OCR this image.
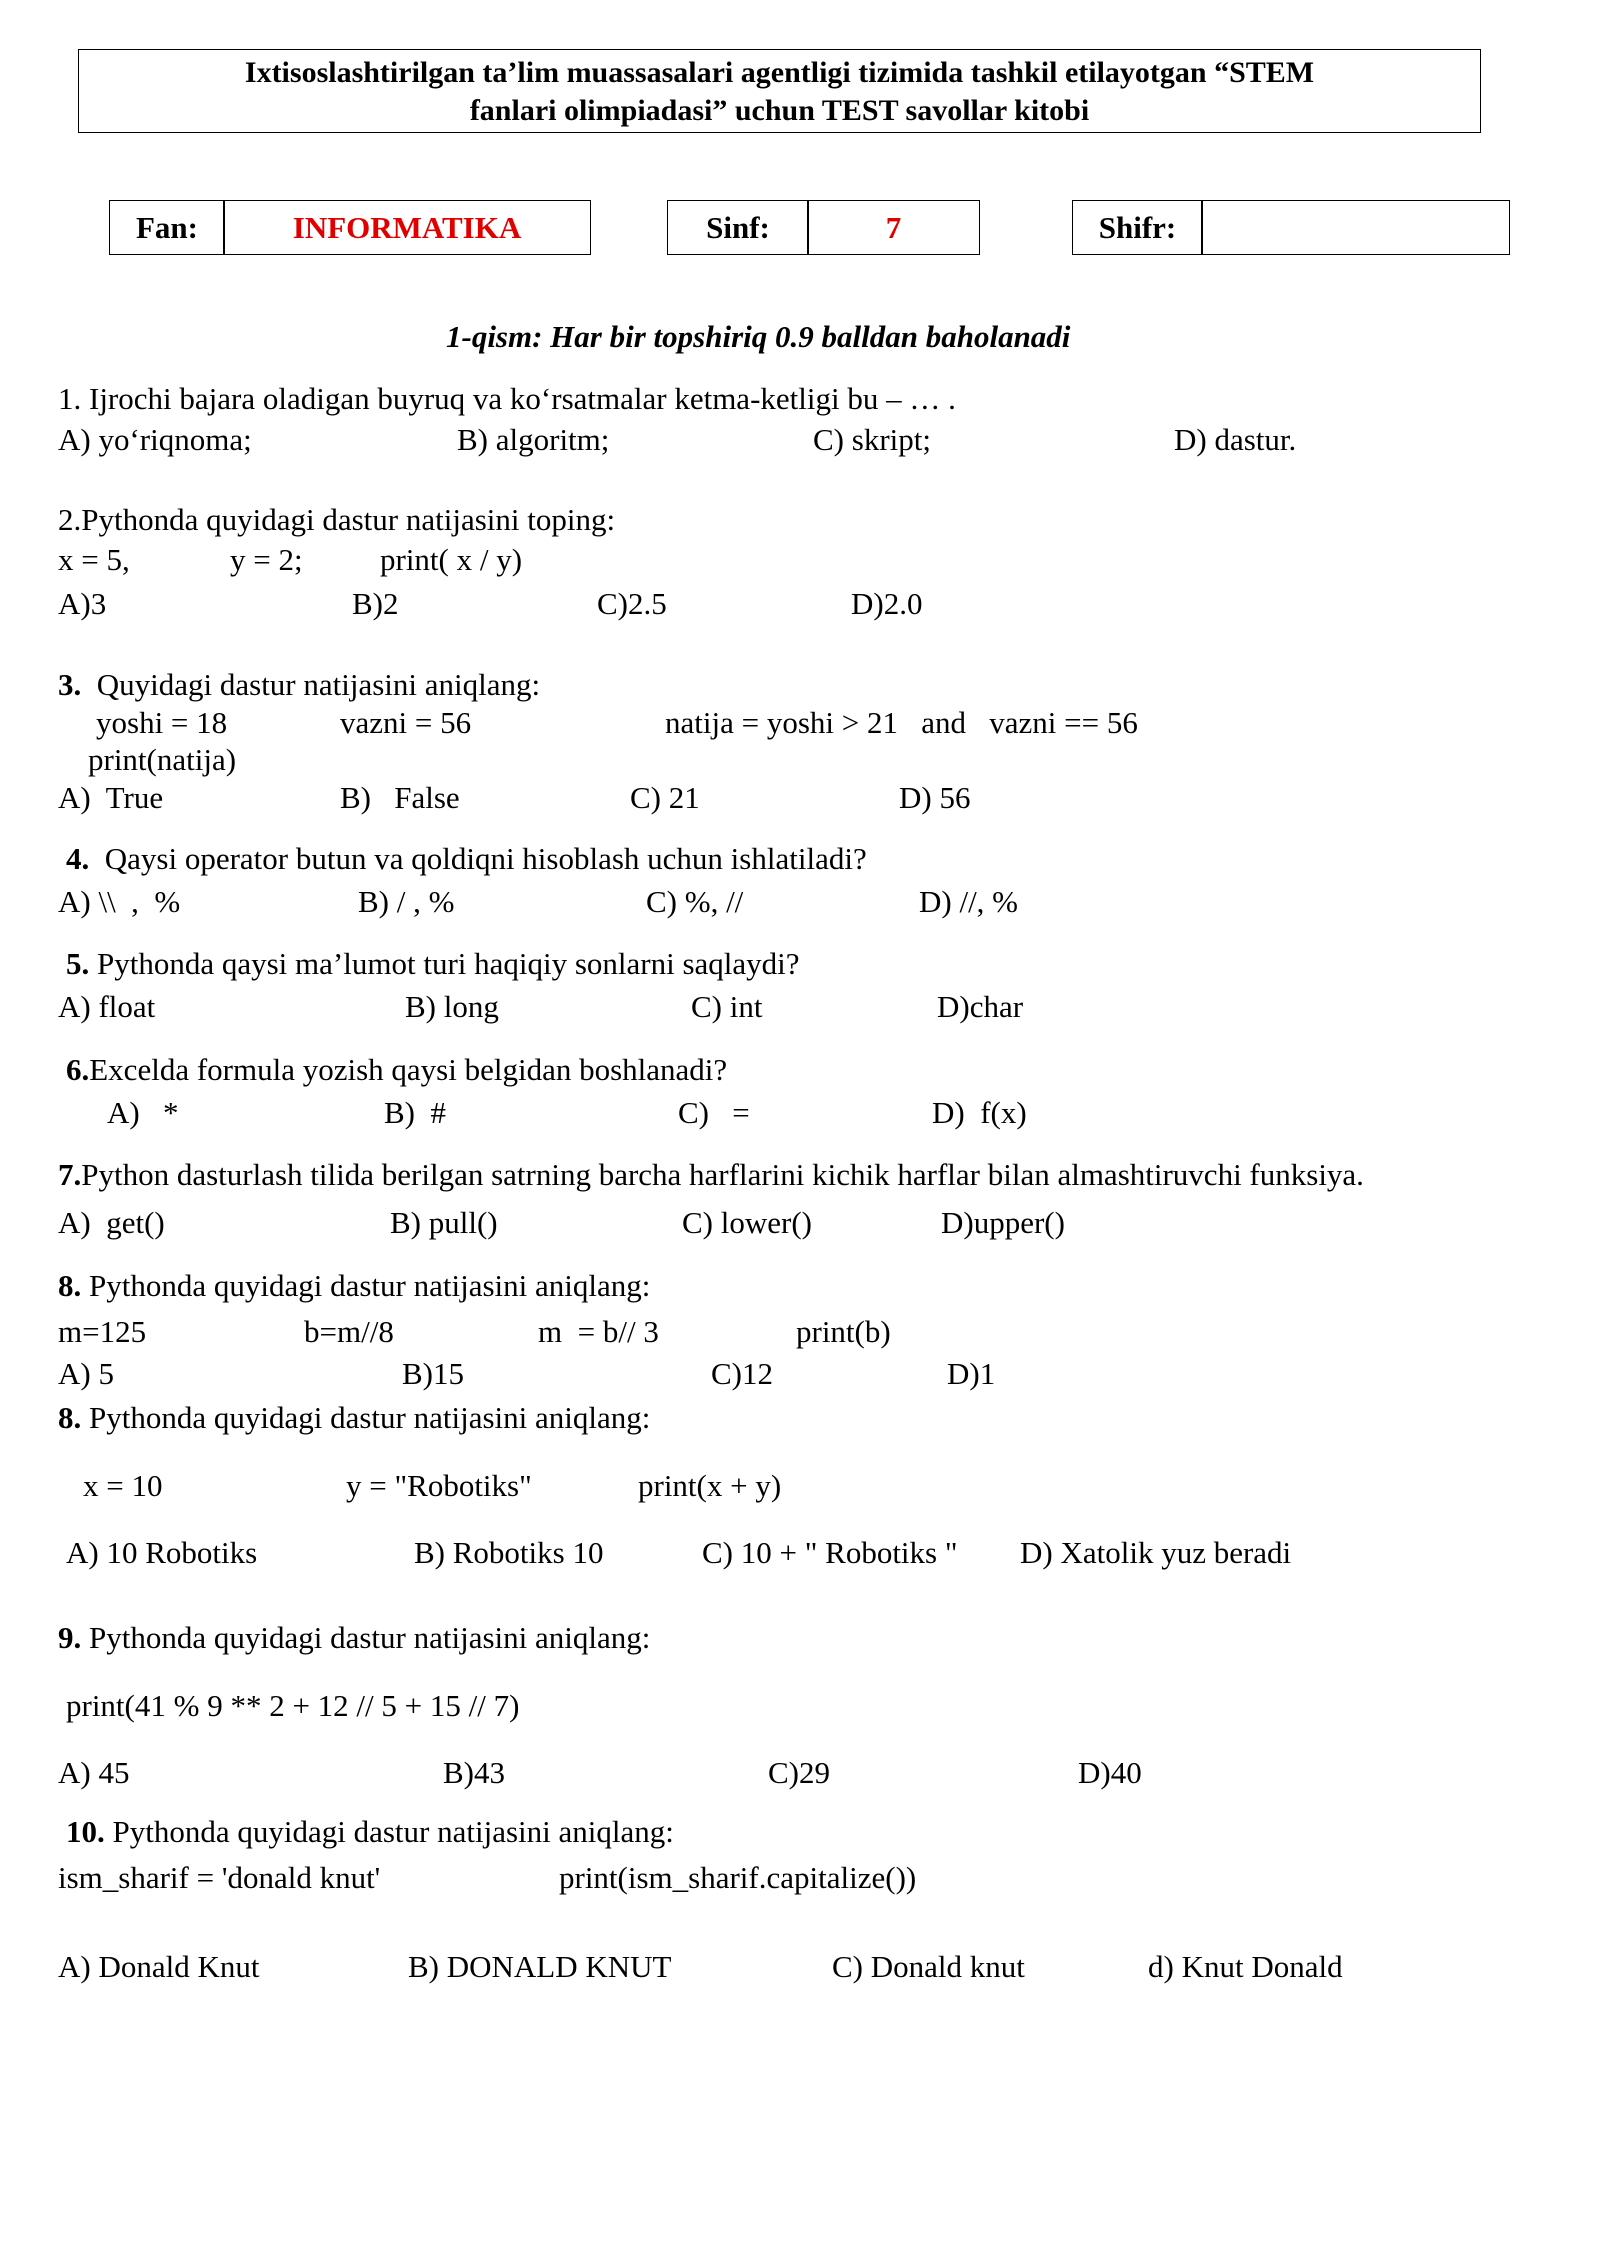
Ixtisoslashtirilgan ta’lim muassasalari agentligi tizimida tashkil etilayotgan “STEM
fanlari olimpiadasi” uchun TEST savollar kitobi
Fan:	INFORMATIKA	Sinf:	7	Shifr:
1-qism: Har bir topshiriq 0.9 balldan baholanadi
1. Ijrochi bajara oladigan buyruq va ko‘rsatmalar ketma-ketligi bu – … .
A) yo‘riqnoma;	B) algoritm;	C) skript;	D) dastur.
2.Pythonda quyidagi dastur natijasini toping:
x = 5,	y = 2; print( x / y)
A)3	B)2	C)2.5	D)2.0
3.  Quyidagi dastur natijasini aniqlang:
yoshi = 18	vazni = 56	natija = yoshi > 21   and   vazni == 56
print(natija)
A)  True	B)   False	C) 21	D) 56
4.  Qaysi operator butun va qoldiqni hisoblash uchun ishlatiladi?
A) \\  ,  %	B) / , %	C) %, //	D) //, %
5. Pythonda qaysi ma’lumot turi haqiqiy sonlarni saqlaydi?
A) float	B) long	C) int	D)char
6.Excelda formula yozish qaysi belgidan boshlanadi?
A)   *	B)  #	C)   =	D)  f(x)
7.Python dasturlash tilida berilgan satrning barcha harflarini kichik harflar bilan almashtiruvchi funksiya.
A)  get()	B) pull()	C) lower()	D)upper()
8. Pythonda quyidagi dastur natijasini aniqlang:
m=125	b=m//8	m  = b// 3	print(b)
A) 5	B)15	C)12	D)1
8. Pythonda quyidagi dastur natijasini aniqlang:
x = 10	y = "Robotiks"	print(x + y)
A) 10 Robotiks	B) Robotiks 10	C) 10 + " Robotiks " D) Xatolik yuz beradi
9. Pythonda quyidagi dastur natijasini aniqlang:
print(41 % 9 ** 2 + 12 // 5 + 15 // 7)
A) 45	B)43	C)29	D)40
10. Pythonda quyidagi dastur natijasini aniqlang:
ism_sharif = 'donald knut'	print(ism_sharif.capitalize())
A) Donald Knut	B) DONALD KNUT	C) Donald knut	d) Knut Donald
